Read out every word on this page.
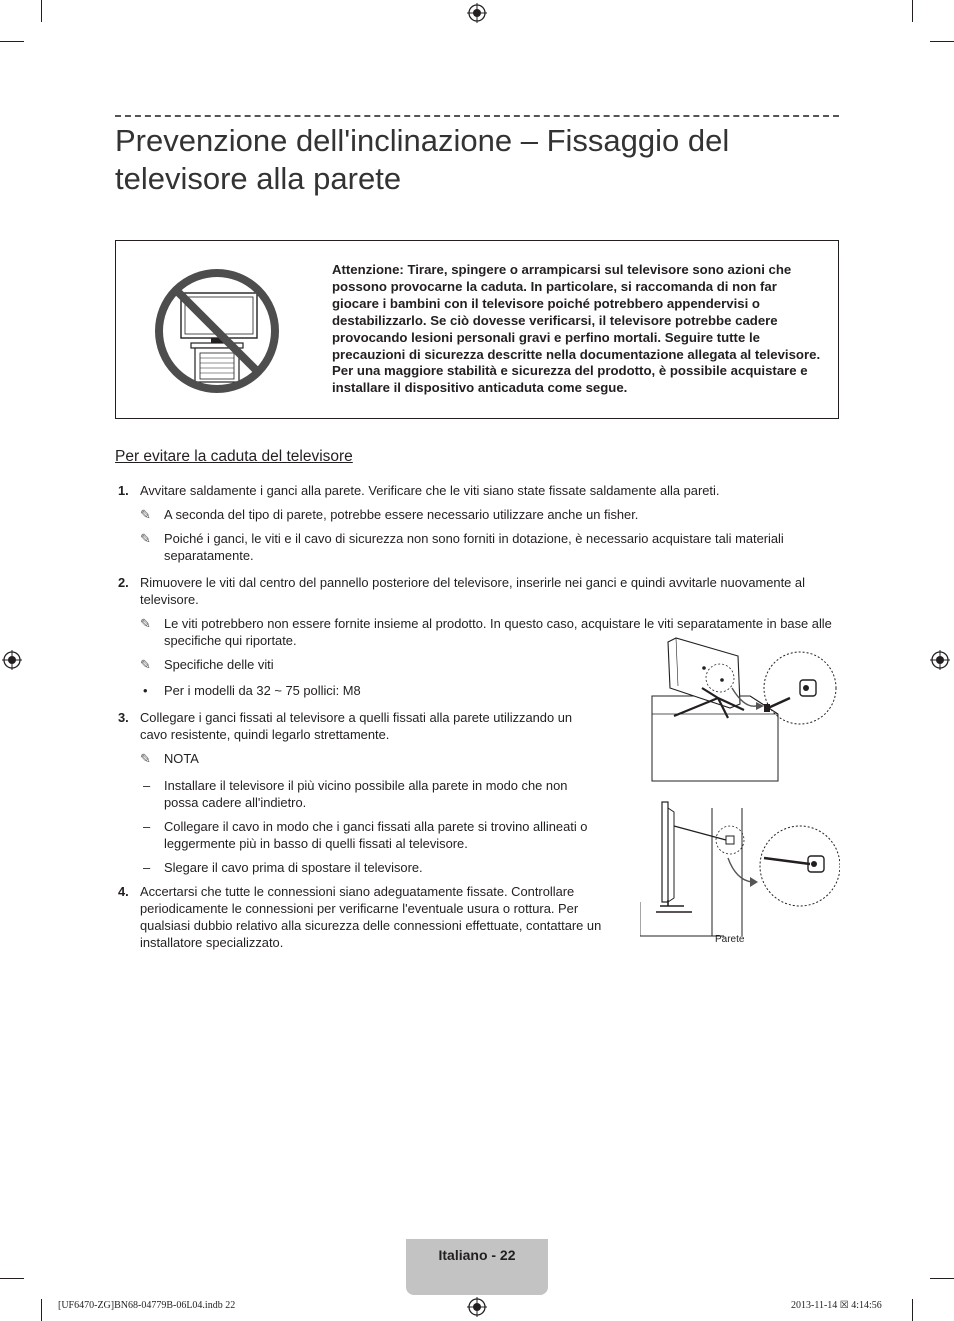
Prevenzione dell'inclinazione – Fissaggio del televisore alla parete
Attenzione: Tirare, spingere o arrampicarsi sul televisore sono azioni che possono provocarne la caduta. In particolare, si raccomanda di non far giocare i bambini con il televisore poiché potrebbero appendervisi o destabilizzarlo. Se ciò dovesse verificarsi, il televisore potrebbe cadere provocando lesioni personali gravi e perfino mortali. Seguire tutte le precauzioni di sicurezza descritte nella documentazione allegata al televisore. Per una maggiore stabilità e sicurezza del prodotto, è possibile acquistare e installare il dispositivo anticaduta come segue.
Per evitare la caduta del televisore
1. Avvitare saldamente i ganci alla parete. Verificare che le viti siano state fissate saldamente alla pareti.
✎ A seconda del tipo di parete, potrebbe essere necessario utilizzare anche un fisher.
✎ Poiché i ganci, le viti e il cavo di sicurezza non sono forniti in dotazione, è necessario acquistare tali materiali separatamente.
2. Rimuovere le viti dal centro del pannello posteriore del televisore, inserirle nei ganci e quindi avvitarle nuovamente al televisore.
✎ Le viti potrebbero non essere fornite insieme al prodotto. In questo caso, acquistare le viti separatamente in base alle specifiche qui riportate.
✎ Specifiche delle viti
• Per i modelli da 32 ~ 75 pollici: M8
3. Collegare i ganci fissati al televisore a quelli fissati alla parete utilizzando un cavo resistente, quindi legarlo strettamente.
✎ NOTA
– Installare il televisore il più vicino possibile alla parete in modo che non possa cadere all'indietro.
– Collegare il cavo in modo che i ganci fissati alla parete si trovino allineati o leggermente più in basso di quelli fissati al televisore.
– Slegare il cavo prima di spostare il televisore.
4. Accertarsi che tutte le connessioni siano adeguatamente fissate. Controllare periodicamente le connessioni per verificarne l'eventuale usura o rottura. Per qualsiasi dubbio relativo alla sicurezza delle connessioni effettuate, contattare un installatore specializzato.	Parete
Italiano - 22
[UF6470-ZG]BN68-04779B-06L04.indb 22	2013-11-14 ☒ 4:14:56
